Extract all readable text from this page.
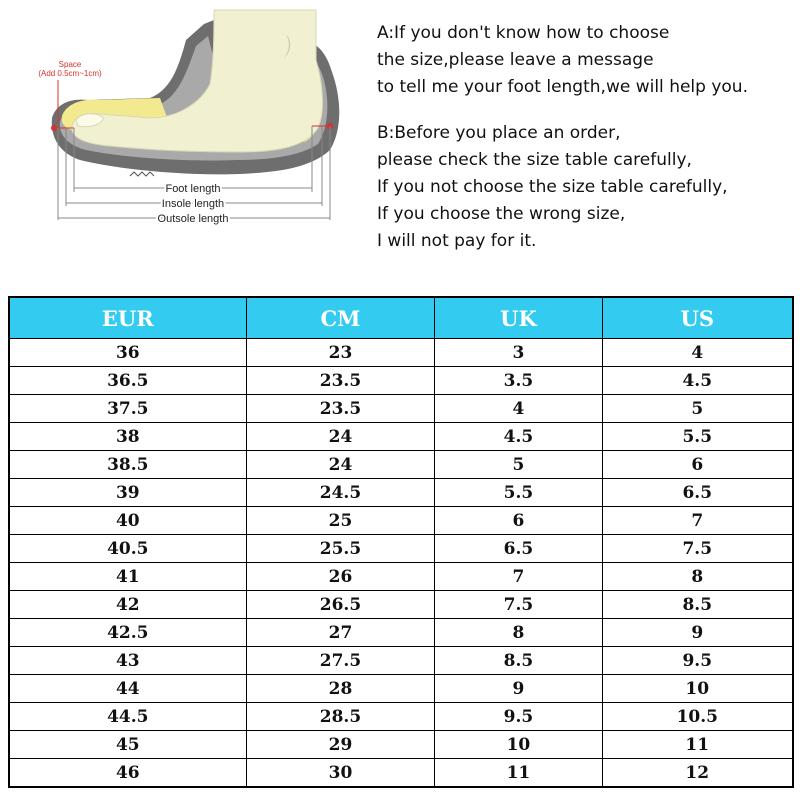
Space
(Add 0.5cm~1cm)
Foot length
Insole length
Outsole length
A:If you don't know how to choose
the size,please leave a message
to tell me your foot length,we will help you.
B:Before you place an order,
please check the size table carefully,
If you not choose the size table carefully,
If you choose the wrong size,
I will not pay for it.
EUR	CM	UK	US
36	23	3	4
36.5	23.5	3.5	4.5
37.5	23.5	4	5
38	24	4.5	5.5
38.5	24	5	6
39	24.5	5.5	6.5
40	25	6	7
40.5	25.5	6.5	7.5
41	26	7	8
42	26.5	7.5	8.5
42.5	27	8	9
43	27.5	8.5	9.5
44	28	9	10
44.5	28.5	9.5	10.5
45	29	10	11
46	30	11	12
